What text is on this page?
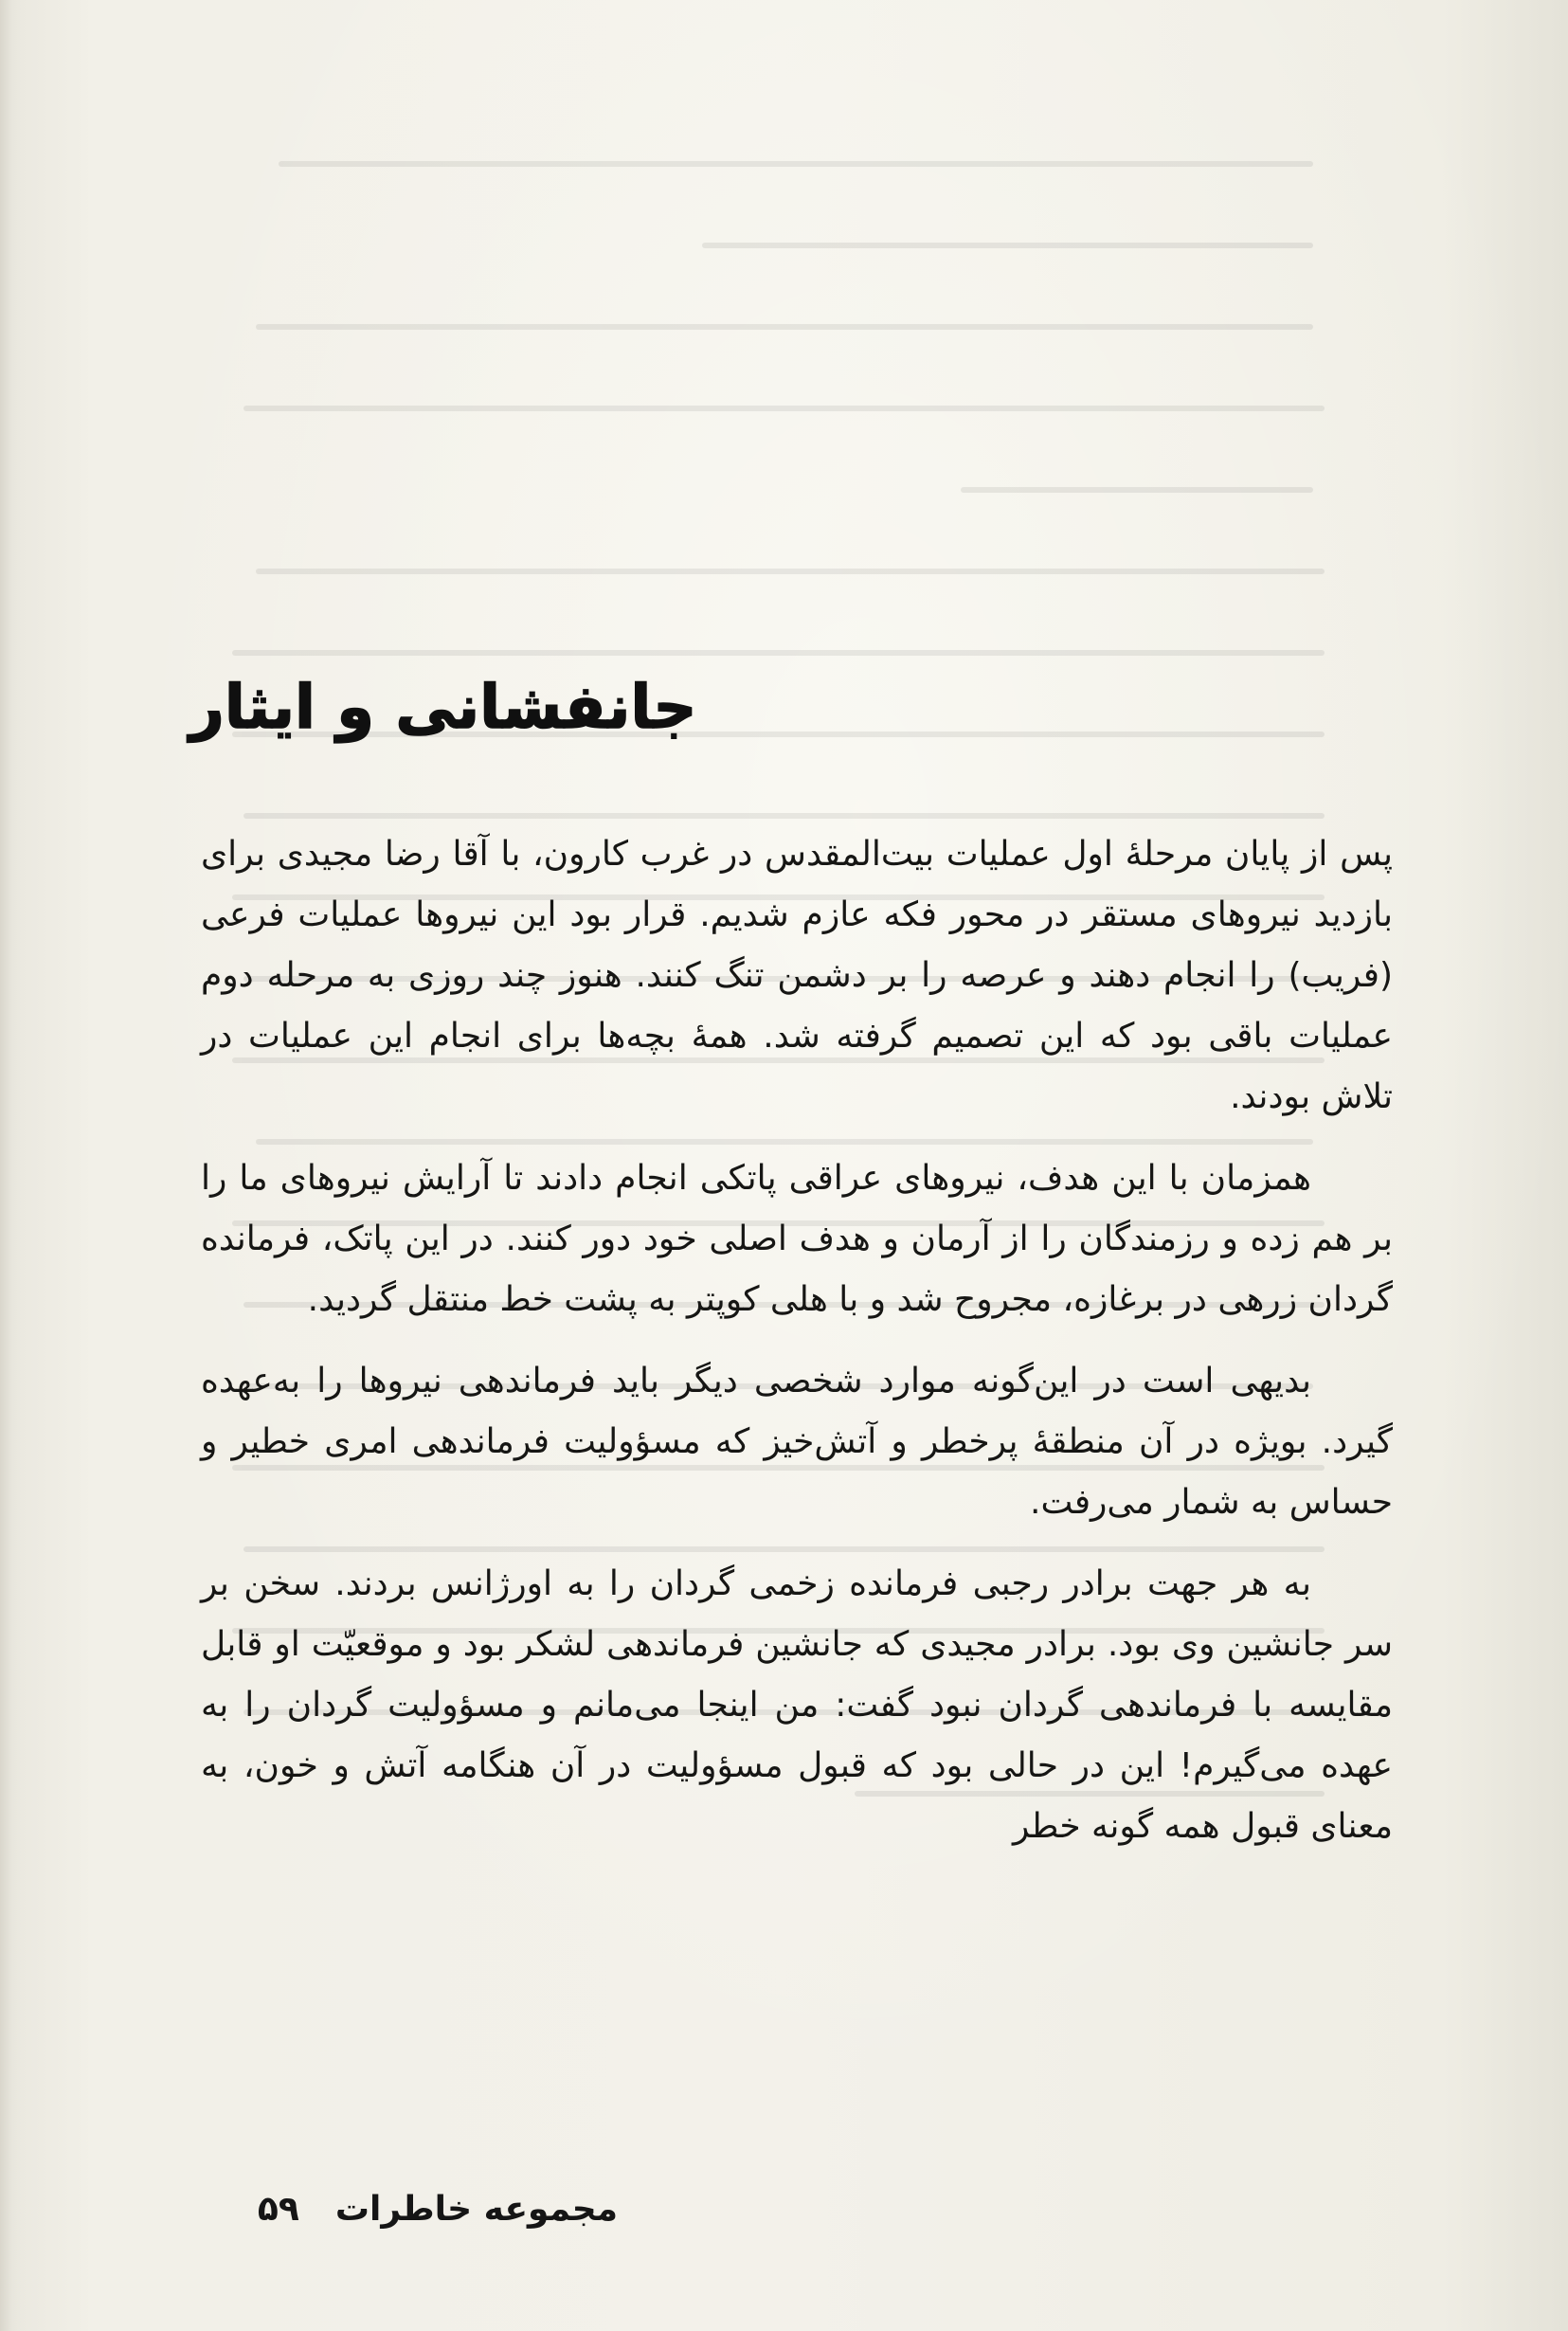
جانفشانی و ایثار

پس از پایان مرحلهٔ اول عملیات بیت‌المقدس در غرب کارون، با آقا رضا مجیدی برای بازدید نیروهای مستقر در محور فکه عازم شدیم. قرار بود این نیروها عملیات فرعی (فریب) را انجام دهند و عرصه را بر دشمن تنگ کنند. هنوز چند روزی به مرحله دوم عملیات باقی بود که این تصمیم گرفته شد. همهٔ بچه‌ها برای انجام این عملیات در تلاش بودند.

همزمان با این هدف، نیروهای عراقی پاتکی انجام دادند تا آرایش نیروهای ما را بر هم زده و رزمندگان را از آرمان و هدف اصلی خود دور کنند. در این پاتک، فرمانده گردان زرهی در برغازه، مجروح شد و با هلی کوپتر به پشت خط منتقل گردید.

بدیهی است در این‌گونه موارد شخصی دیگر باید فرماندهی نیروها را به‌عهده گیرد. بویژه در آن منطقهٔ پرخطر و آتش‌خیز که مسؤولیت فرماندهی امری خطیر و حساس به شمار می‌رفت.

به هر جهت برادر رجبی فرمانده زخمی گردان را به اورژانس بردند. سخن بر سر جانشین وی بود. برادر مجیدی که جانشین فرماندهی لشکر بود و موقعیّت او قابل مقایسه با فرماندهی گردان نبود گفت: من اینجا می‌مانم و مسؤولیت گردان را به عهده می‌گیرم! این در حالی بود که قبول مسؤولیت در آن هنگامه آتش و خون، به معنای قبول همه گونه خطر

مجموعه خاطرات۵۹
